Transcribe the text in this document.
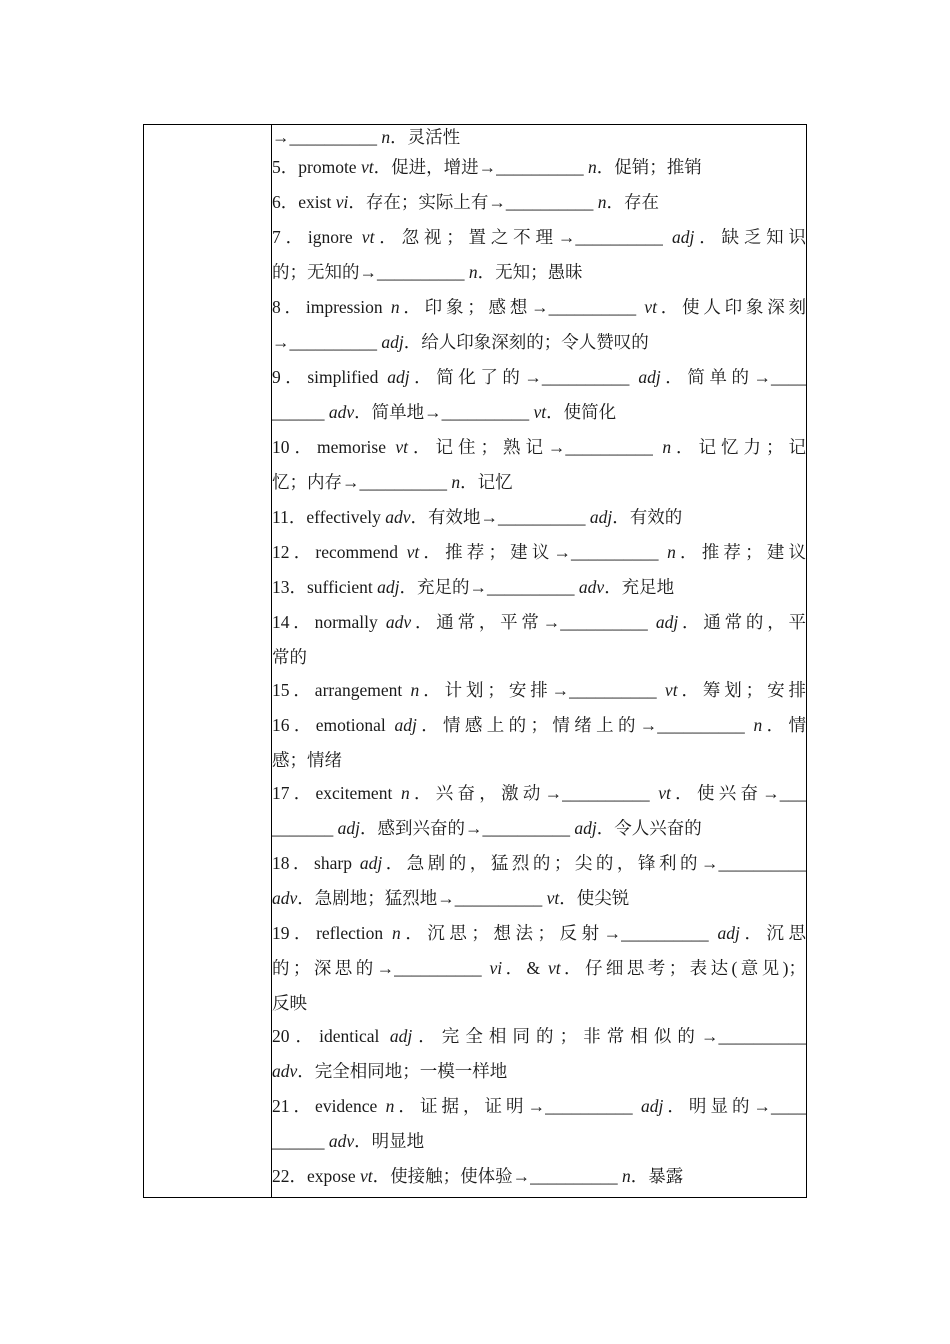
→__________ n．灵活性
5．promote vt．促进，增进→__________ n．促销；推销
6．exist vi．存在；实际上有→__________ n．存在
7．ignore vt．忽视；置之不理→__________ adj．缺乏知识
的；无知的→__________ n．无知；愚昧
8．impression n．印象；感想→__________ vt．使人印象深刻
→__________ adj．给人印象深刻的；令人赞叹的
9．simplified adj．简化了的→__________ adj．简单的→____
______ adv．简单地→__________ vt．使简化
10．memorise vt．记住；熟记→__________ n．记忆力；记
忆；内存→__________ n．记忆
11．effectively adv．有效地→__________ adj．有效的
12．recommend vt．推荐；建议→__________ n．推荐；建议
13．sufficient adj．充足的→__________ adv．充足地
14．normally adv．通常，平常→__________ adj．通常的，平
常的
15．arrangement n．计划；安排→__________ vt．筹划；安排
16．emotional adj．情感上的；情绪上的→__________ n．情
感；情绪
17．excitement n．兴奋，激动→__________ vt．使兴奋→___
_______ adj．感到兴奋的→__________ adj．令人兴奋的
18．sharp adj．急剧的，猛烈的；尖的，锋利的→__________
adv．急剧地；猛烈地→__________ vt．使尖锐
19．reflection n．沉思；想法；反射→__________ adj．沉思
的；深思的→__________ vi．& vt．仔细思考；表达(意见)；
反映
20．identical adj．完全相同的；非常相似的→__________
adv．完全相同地；一模一样地
21．evidence n．证据，证明→__________ adj．明显的→____
______ adv．明显地
22．expose vt．使接触；使体验→__________ n．暴露
